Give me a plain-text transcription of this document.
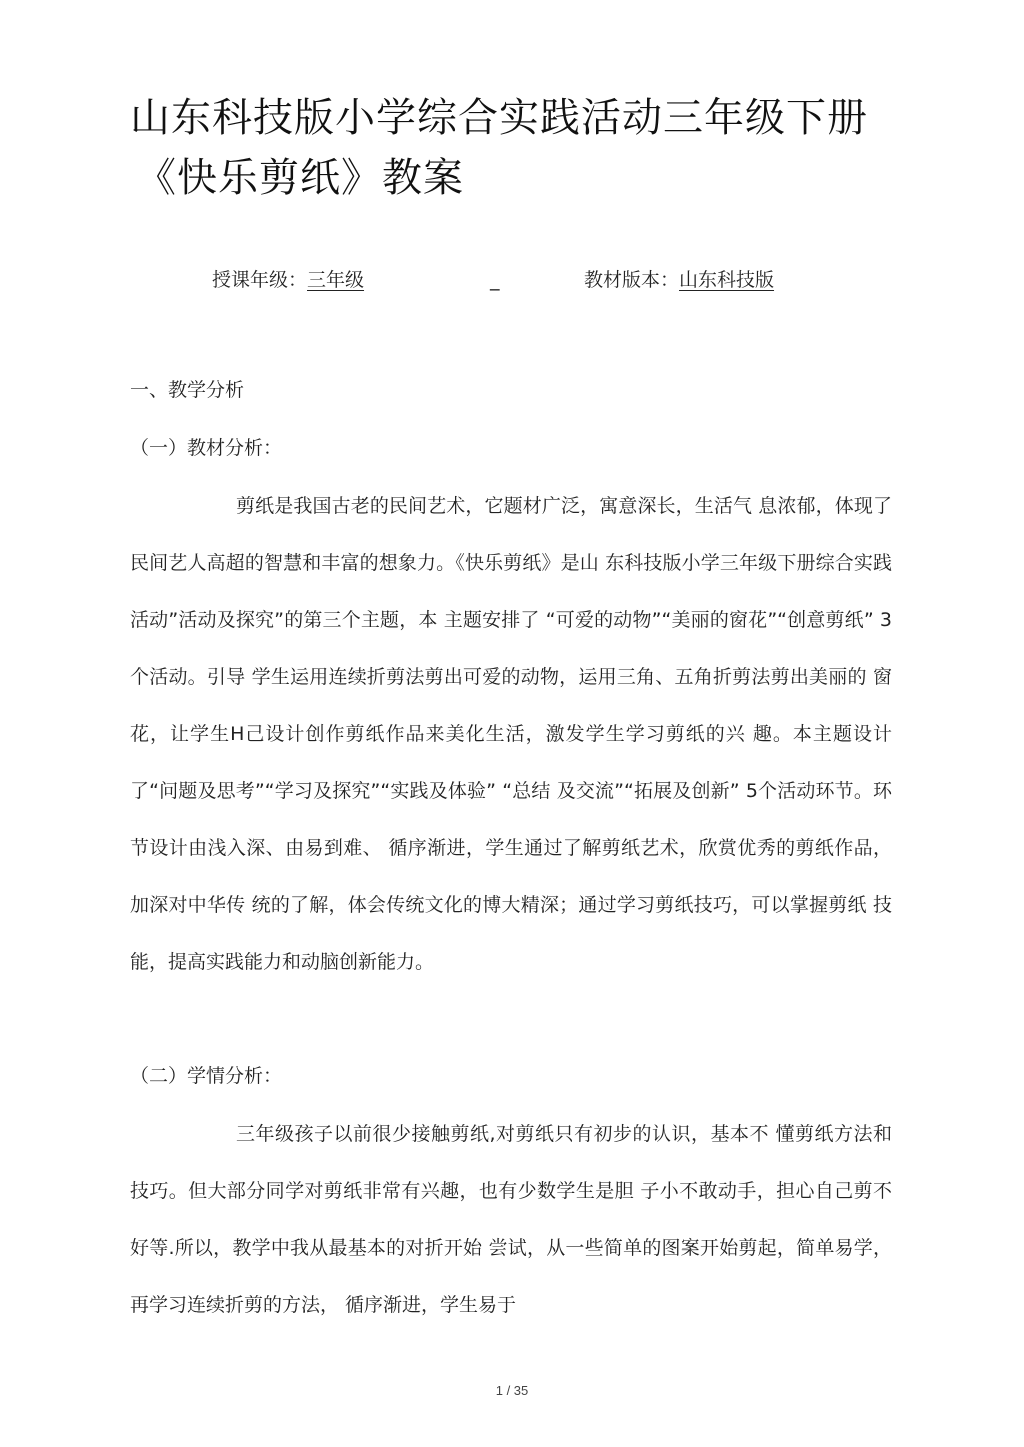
山东科技版小学综合实践活动三年级下册
《快乐剪纸》教案
授课年级：三年级	_	教材版本：山东科技版
一、教学分析
（一）教材分析：

剪纸是我国古老的民间艺术，它题材广泛，寓意深长，生活气 息浓郁，体现了民间艺人高超的智慧和丰富的想象力。《快乐剪纸》是山 东科技版小学三年级下册综合实践活动”活动及探究”的第三个主题，本 主题安排了 “可爱的动物”“美丽的窗花”“创意剪纸” 3个活动。引导 学生运用连续折剪法剪出可爱的动物，运用三角、五角折剪法剪出美丽的 窗花，让学生H己设计创作剪纸作品来美化生活，激发学生学习剪纸的兴 趣。本主题设计了“问题及思考”“学习及探究”“实践及体验” “总结 及交流”“拓展及创新” 5个活动环节。环节设计由浅入深、由易到难、 循序渐进，学生通过了解剪纸艺术，欣赏优秀的剪纸作品，加深对中华传 统的了解，体会传统文化的博大精深；通过学习剪纸技巧，可以掌握剪纸 技能，提高实践能力和动脑创新能力。

（二）学情分析：

三年级孩子以前很少接触剪纸,对剪纸只有初步的认识，基本不 懂剪纸方法和技巧。但大部分同学对剪纸非常有兴趣，也有少数学生是胆 子小不敢动手，担心自己剪不好等.所以，教学中我从最基本的对折开始 尝试，从一些简单的图案开始剪起，简单易学，再学习连续折剪的方法， 循序渐进，学生易于

1 / 35
